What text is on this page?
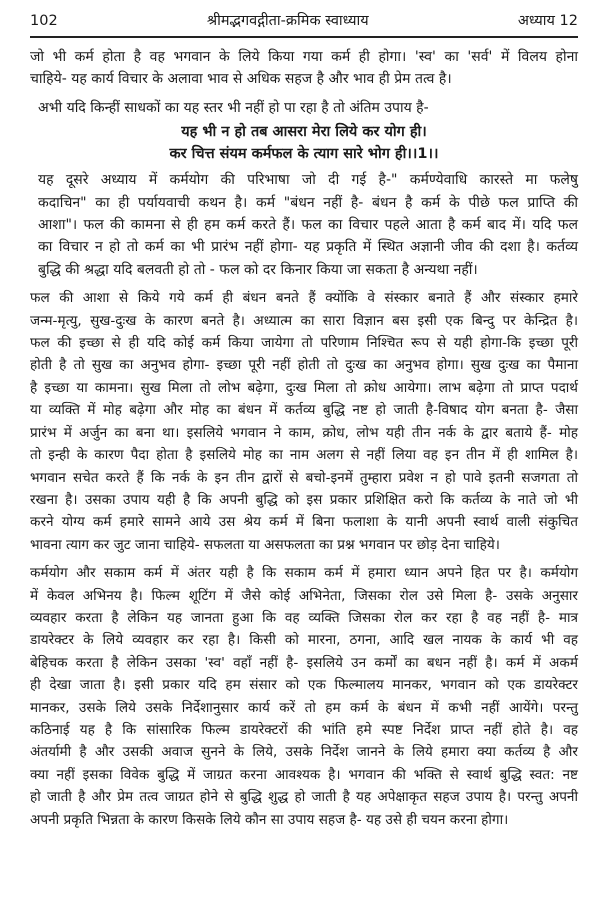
102	श्रीमद्भगवद्गीता-क्रमिक स्वाध्याय	अध्याय 12
जो भी कर्म होता है वह भगवान के लिये किया गया कर्म ही होगा। 'स्व' का 'सर्व' में विलय होना
चाहिये- यह कार्य विचार के अलावा भाव से अधिक सहज है और भाव ही प्रेम तत्व है।
अभी यदि किन्हीं साधकों का यह स्तर भी नहीं हो पा रहा है तो अंतिम उपाय है-
यह भी न हो तब आसरा मेरा लिये कर योग ही।
कर चित्त संयम कर्मफल के त्याग सारे भोग ही।।1।।
यह दूसरे अध्याय में कर्मयोग की परिभाषा जो दी गई है-" कर्मण्येवाधि कारस्ते मा फलेषु
कदाचिन" का ही पर्यायवाची कथन है। कर्म "बंधन नहीं है- बंधन है कर्म के पीछे फल प्राप्ति की
आशा"। फल की कामना से ही हम कर्म करते हैं। फल का विचार पहले आता है कर्म बाद में। यदि फल
का विचार न हो तो कर्म का भी प्रारंभ नहीं होगा- यह प्रकृति में स्थित अज्ञानी जीव की दशा है। कर्तव्य
बुद्धि की श्रद्धा यदि बलवती हो तो - फल को दर किनार किया जा सकता है अन्यथा नहीं।
फल की आशा से किये गये कर्म ही बंधन बनते हैं क्योंकि वे संस्कार बनाते हैं और संस्कार हमारे
जन्म-मृत्यु, सुख-दुःख के कारण बनते है। अध्यात्म का सारा विज्ञान बस इसी एक बिन्दु पर केन्द्रित है।
फल की इच्छा से ही यदि कोई कर्म किया जायेगा तो परिणाम निश्चित रूप से यही होगा-कि इच्छा पूरी
होती है तो सुख का अनुभव होगा- इच्छा पूरी नहीं होती तो दुःख का अनुभव होगा। सुख दुःख का पैमाना
है इच्छा या कामना। सुख मिला तो लोभ बढ़ेगा, दुःख मिला तो क्रोध आयेगा। लाभ बढ़ेगा तो प्राप्त पदार्थ
या व्यक्ति में मोह बढ़ेगा और मोह का बंधन में कर्तव्य बुद्धि नष्ट हो जाती है-विषाद योग बनता है- जैसा
प्रारंभ में अर्जुन का बना था। इसलिये भगवान ने काम, क्रोध, लोभ यही तीन नर्क के द्वार बताये हैं- मोह
तो इन्ही के कारण पैदा होता है इसलिये मोह का नाम अलग से नहीं लिया वह इन तीन में ही शामिल है।
भगवान सचेत करते हैं कि नर्क के इन तीन द्वारों से बचो-इनमें तुम्हारा प्रवेश न हो पावे इतनी सजगता तो
रखना है। उसका उपाय यही है कि अपनी बुद्धि को इस प्रकार प्रशिक्षित करो कि कर्तव्य के नाते जो भी
करने योग्य कर्म हमारे सामने आये उस श्रेय कर्म में बिना फलाशा के यानी अपनी स्वार्थ वाली संकुचित
भावना त्याग कर जुट जाना चाहिये- सफलता या असफलता का प्रश्न भगवान पर छोड़ देना चाहिये।
कर्मयोग और सकाम कर्म में अंतर यही है कि सकाम कर्म में हमारा ध्यान अपने हित पर है। कर्मयोग
में केवल अभिनय है। फिल्म शूटिंग में जैसे कोई अभिनेता, जिसका रोल उसे मिला है- उसके अनुसार
व्यवहार करता है लेकिन यह जानता हुआ कि वह व्यक्ति जिसका रोल कर रहा है वह नहीं है- मात्र
डायरेक्टर के लिये व्यवहार कर रहा है। किसी को मारना, ठगना, आदि खल नायक के कार्य भी वह
बेहिचक करता है लेकिन उसका 'स्व' वहाँ नहीं है- इसलिये उन कर्मों का बधन नहीं है। कर्म में अकर्म
ही देखा जाता है। इसी प्रकार यदि हम संसार को एक फिल्मालय मानकर, भगवान को एक डायरेक्टर
मानकर, उसके लिये उसके निर्देशानुसार कार्य करें तो हम कर्म के बंधन में कभी नहीं आयेंगे। परन्तु
कठिनाई यह है कि सांसारिक फिल्म डायरेक्टरों की भांति हमे स्पष्ट निर्देश प्राप्त नहीं होते है। वह
अंतर्यामी है और उसकी अवाज सुनने के लिये, उसके निर्देश जानने के लिये हमारा क्या कर्तव्य है और
क्या नहीं इसका विवेक बुद्धि में जाग्रत करना आवश्यक है। भगवान की भक्ति से स्वार्थ बुद्धि स्वत: नष्ट
हो जाती है और प्रेम तत्व जाग्रत होने से बुद्धि शुद्ध हो जाती है यह अपेक्षाकृत सहज उपाय है। परन्तु अपनी
अपनी प्रकृति भिन्नता के कारण किसके लिये कौन सा उपाय सहज है- यह उसे ही चयन करना होगा।
